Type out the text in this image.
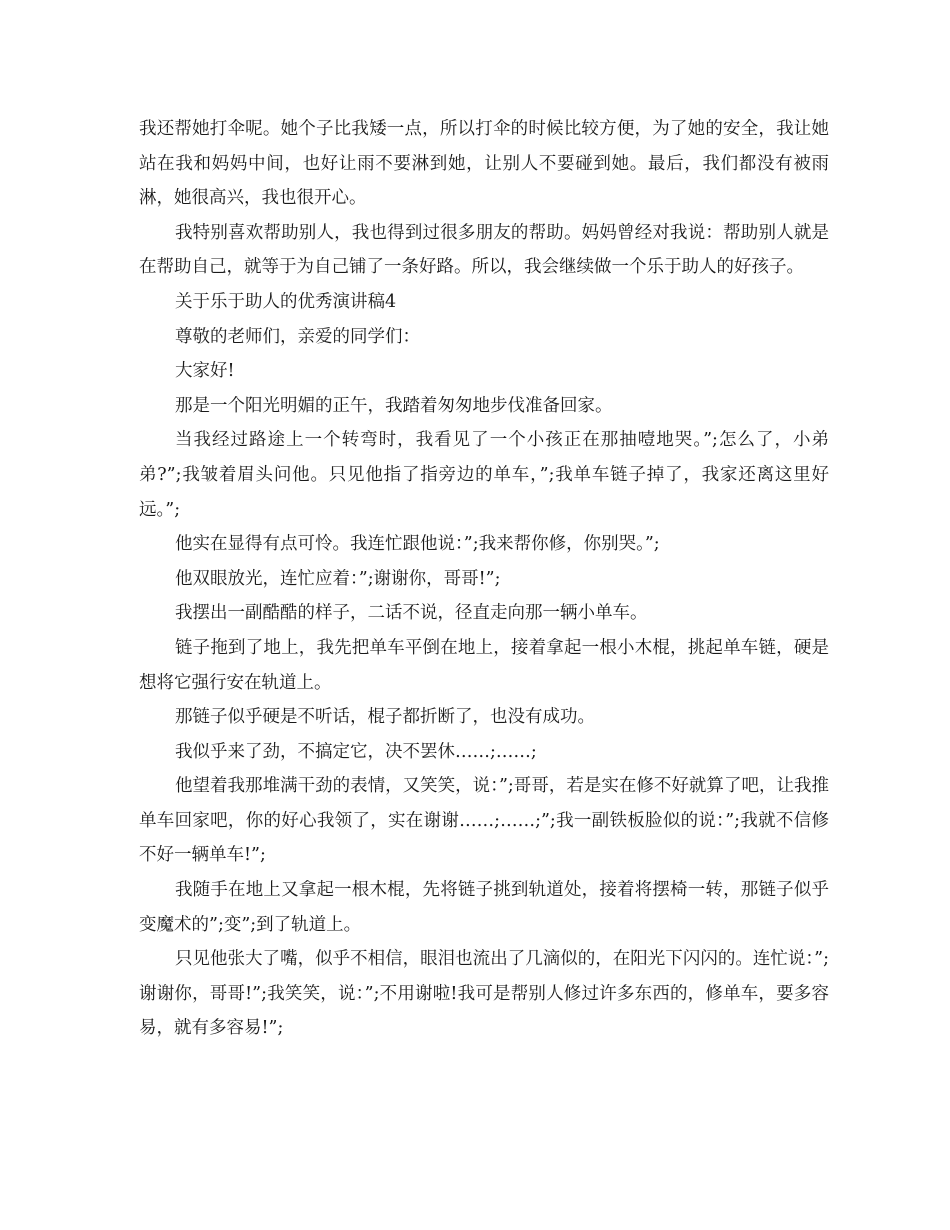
我还帮她打伞呢。她个子比我矮一点，所以打伞的时候比较方便，为了她的安全，我让她站在我和妈妈中间，也好让雨不要淋到她，让别人不要碰到她。最后，我们都没有被雨淋，她很高兴，我也很开心。

我特别喜欢帮助别人，我也得到过很多朋友的帮助。妈妈曾经对我说：帮助别人就是在帮助自己，就等于为自己铺了一条好路。所以，我会继续做一个乐于助人的好孩子。

关于乐于助人的优秀演讲稿4

尊敬的老师们，亲爱的同学们：

大家好!

那是一个阳光明媚的正午，我踏着匆匆地步伐准备回家。

当我经过路途上一个转弯时，我看见了一个小孩正在那抽噎地哭。”;怎么了，小弟弟?”;我皱着眉头问他。只见他指了指旁边的单车，”;我单车链子掉了，我家还离这里好远。”;

他实在显得有点可怜。我连忙跟他说：”;我来帮你修，你别哭。”;

他双眼放光，连忙应着：”;谢谢你，哥哥!”;

我摆出一副酷酷的样子，二话不说，径直走向那一辆小单车。

链子拖到了地上，我先把单车平倒在地上，接着拿起一根小木棍，挑起单车链，硬是想将它强行安在轨道上。

那链子似乎硬是不听话，棍子都折断了，也没有成功。

我似乎来了劲，不搞定它，决不罢休……;……;

他望着我那堆满干劲的表情，又笑笑，说：”;哥哥，若是实在修不好就算了吧，让我推单车回家吧，你的好心我领了，实在谢谢……;……;”;我一副铁板脸似的说：”;我就不信修不好一辆单车!”;

我随手在地上又拿起一根木棍，先将链子挑到轨道处，接着将摆椅一转，那链子似乎变魔术的”;变”;到了轨道上。

只见他张大了嘴，似乎不相信，眼泪也流出了几滴似的，在阳光下闪闪的。连忙说：”;谢谢你，哥哥!”;我笑笑，说：”;不用谢啦!我可是帮别人修过许多东西的，修单车，要多容易，就有多容易!”;
